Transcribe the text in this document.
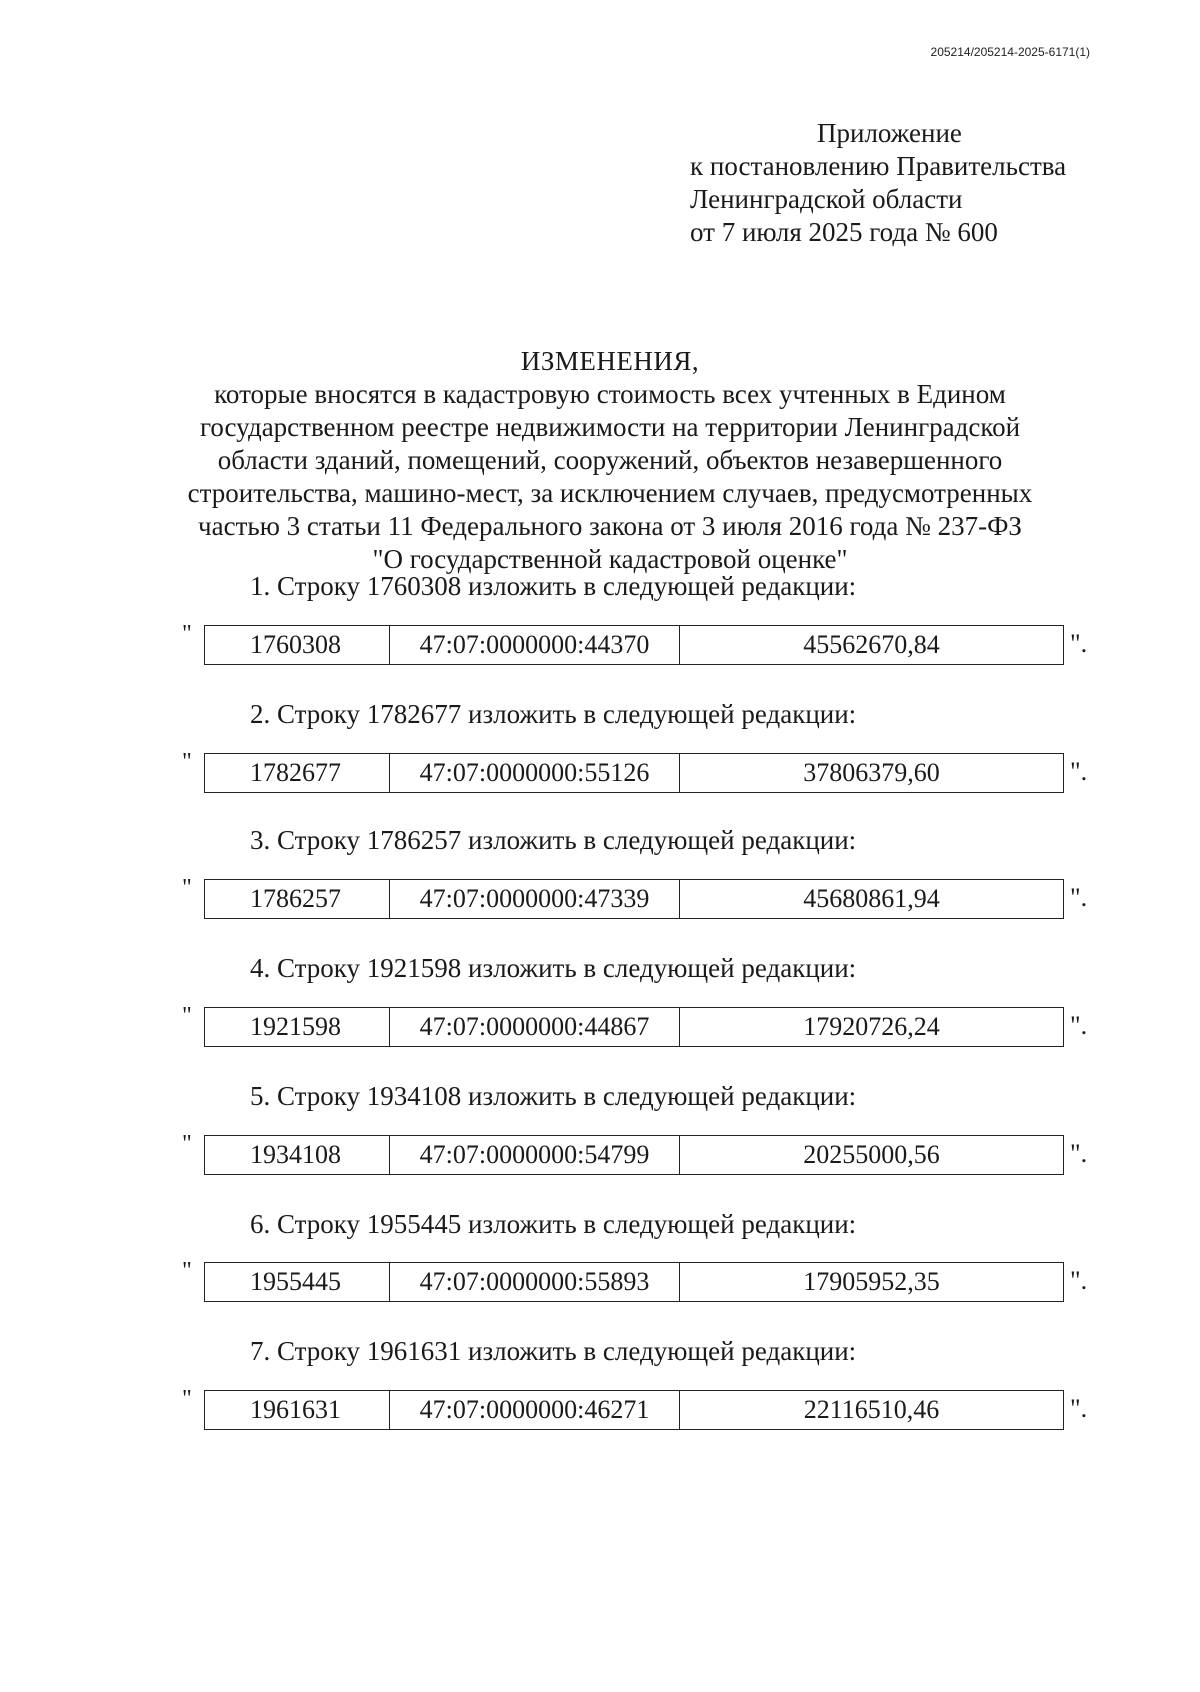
205214/205214-2025-6171(1)
Приложение
к постановлению Правительства
Ленинградской области
от 7 июля 2025 года № 600
ИЗМЕНЕНИЯ,
которые вносятся в кадастровую стоимость всех учтенных в Едином
государственном реестре недвижимости на территории Ленинградской
области зданий, помещений, сооружений, объектов незавершенного
строительства, машино-мест, за исключением случаев, предусмотренных
частью 3 статьи 11 Федерального закона от 3 июля 2016 года № 237-ФЗ
"О государственной кадастровой оценке"
1. Строку 1760308 изложить в следующей редакции:
"	1760308	47:07:0000000:44370	45562670,84	".
2. Строку 1782677 изложить в следующей редакции:
"	1782677	47:07:0000000:55126	37806379,60	".
3. Строку 1786257 изложить в следующей редакции:
"	1786257	47:07:0000000:47339	45680861,94	".
4. Строку 1921598 изложить в следующей редакции:
"	1921598	47:07:0000000:44867	17920726,24	".
5. Строку 1934108 изложить в следующей редакции:
"	1934108	47:07:0000000:54799	20255000,56	".
6. Строку 1955445 изложить в следующей редакции:
"	1955445	47:07:0000000:55893	17905952,35	".
7. Строку 1961631 изложить в следующей редакции:
"	1961631	47:07:0000000:46271	22116510,46	".
